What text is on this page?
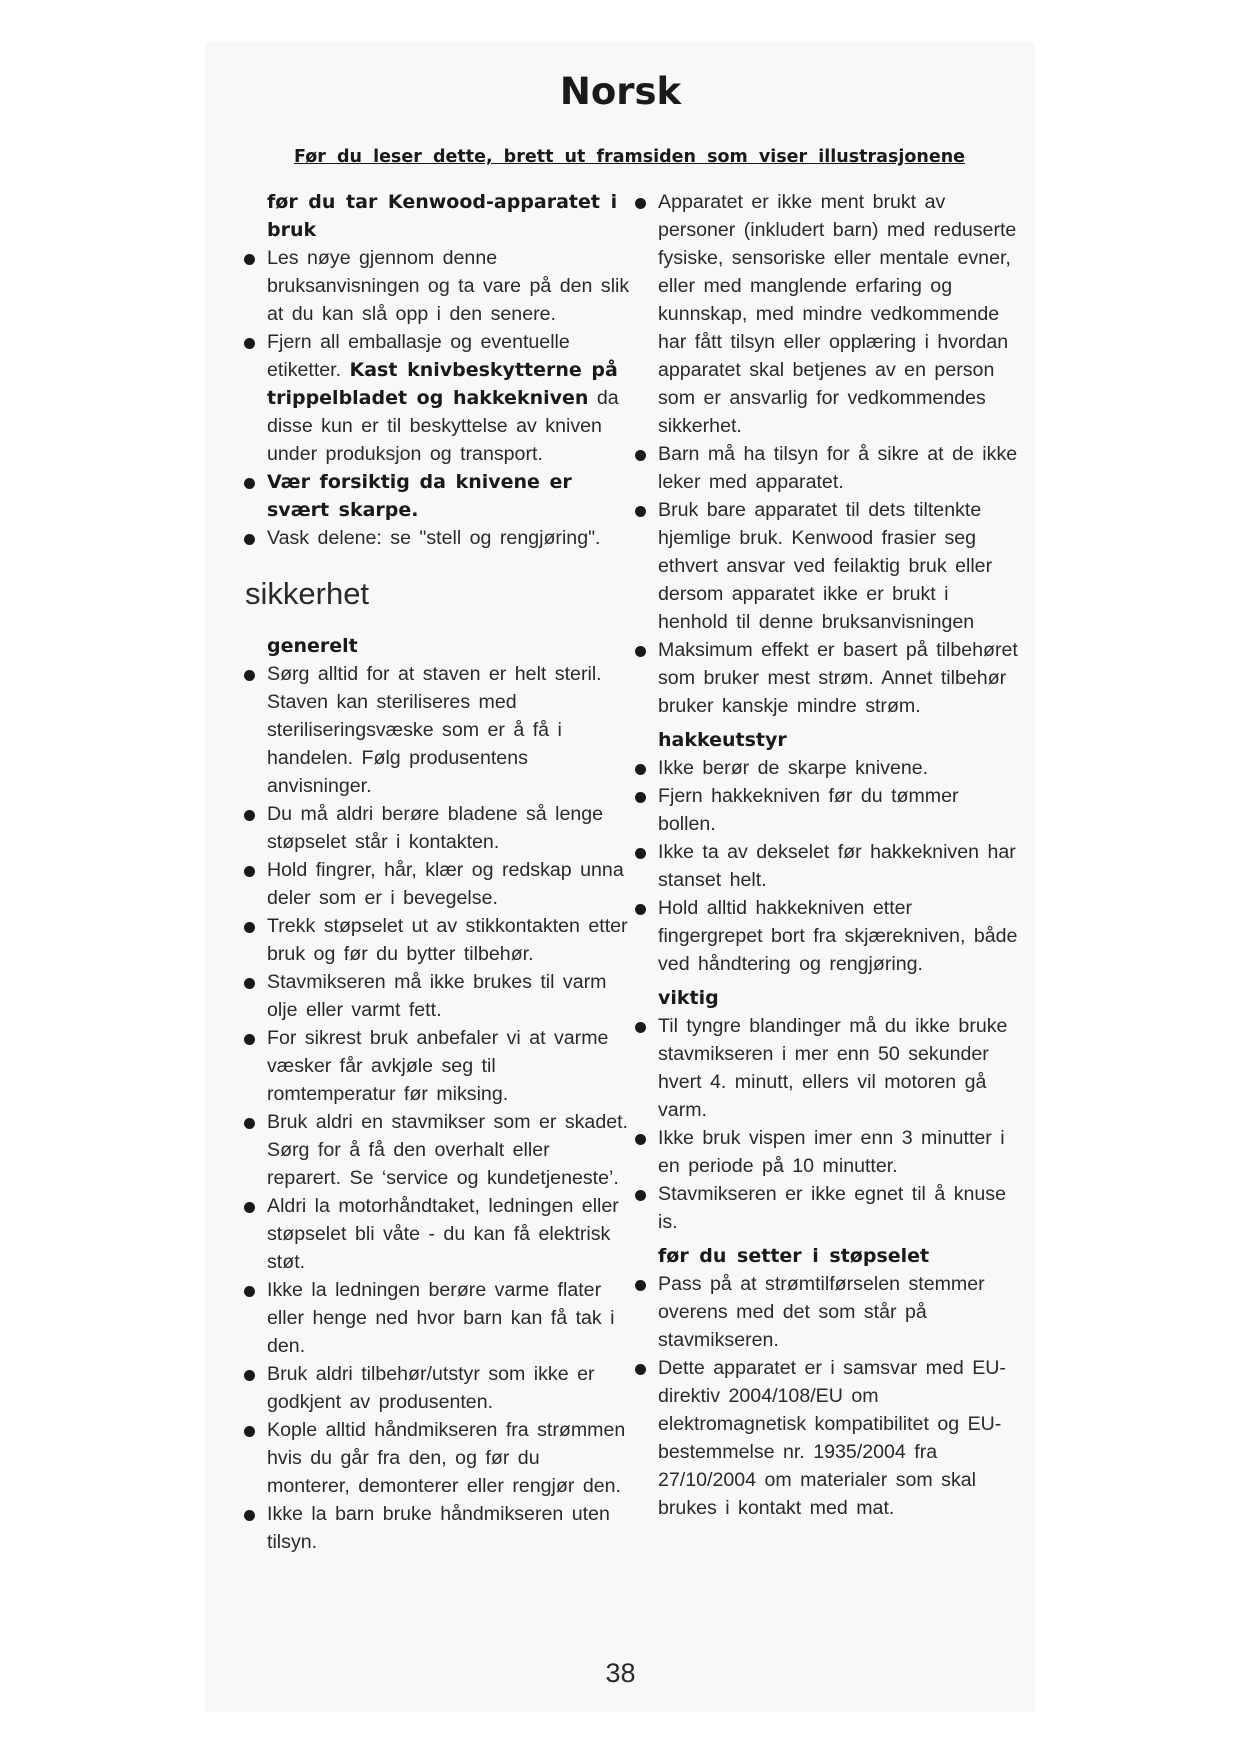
Norsk
Før du leser dette, brett ut framsiden som viser illustrasjonene
før du tar Kenwood-apparatet i bruk
Les nøye gjennom denne bruksanvisningen og ta vare på den slik at du kan slå opp i den senere.
Fjern all emballasje og eventuelle etiketter. Kast knivbeskytterne på trippelbladet og hakkekniven da disse kun er til beskyttelse av kniven under produksjon og transport.
Vær forsiktig da knivene er svært skarpe.
Vask delene: se "stell og rengjøring".
sikkerhet
generelt
Sørg alltid for at staven er helt steril. Staven kan steriliseres med steriliseringsvæske som er å få i handelen. Følg produsentens anvisninger.
Du må aldri berøre bladene så lenge støpselet står i kontakten.
Hold fingrer, hår, klær og redskap unna deler som er i bevegelse.
Trekk støpselet ut av stikkontakten etter bruk og før du bytter tilbehør.
Stavmikseren må ikke brukes til varm olje eller varmt fett.
For sikrest bruk anbefaler vi at varme væsker får avkjøle seg til romtemperatur før miksing.
Bruk aldri en stavmikser som er skadet. Sørg for å få den overhalt eller reparert. Se ‘service og kundetjeneste’.
Aldri la motorhåndtaket, ledningen eller støpselet bli våte - du kan få elektrisk støt.
Ikke la ledningen berøre varme flater eller henge ned hvor barn kan få tak i den.
Bruk aldri tilbehør/utstyr som ikke er godkjent av produsenten.
Kople alltid håndmikseren fra strømmen hvis du går fra den, og før du monterer, demonterer eller rengjør den.
Ikke la barn bruke håndmikseren uten tilsyn.
Apparatet er ikke ment brukt av personer (inkludert barn) med reduserte fysiske, sensoriske eller mentale evner, eller med manglende erfaring og kunnskap, med mindre vedkommende har fått tilsyn eller opplæring i hvordan apparatet skal betjenes av en person som er ansvarlig for vedkommendes sikkerhet.
Barn må ha tilsyn for å sikre at de ikke leker med apparatet.
Bruk bare apparatet til dets tiltenkte hjemlige bruk. Kenwood frasier seg ethvert ansvar ved feilaktig bruk eller dersom apparatet ikke er brukt i henhold til denne bruksanvisningen
Maksimum effekt er basert på tilbehøret som bruker mest strøm. Annet tilbehør bruker kanskje mindre strøm.
hakkeutstyr
Ikke berør de skarpe knivene.
Fjern hakkekniven før du tømmer bollen.
Ikke ta av dekselet før hakkekniven har stanset helt.
Hold alltid hakkekniven etter fingergrepet bort fra skjærekniven, både ved håndtering og rengjøring.
viktig
Til tyngre blandinger må du ikke bruke stavmikseren i mer enn 50 sekunder hvert 4. minutt, ellers vil motoren gå varm.
Ikke bruk vispen imer enn 3 minutter i en periode på 10 minutter.
Stavmikseren er ikke egnet til å knuse is.
før du setter i støpselet
Pass på at strømtilførselen stemmer overens med det som står på stavmikseren.
Dette apparatet er i samsvar med EU-direktiv 2004/108/EU om elektromagnetisk kompatibilitet og EU-bestemmelse nr. 1935/2004 fra 27/10/2004 om materialer som skal brukes i kontakt med mat.
38
